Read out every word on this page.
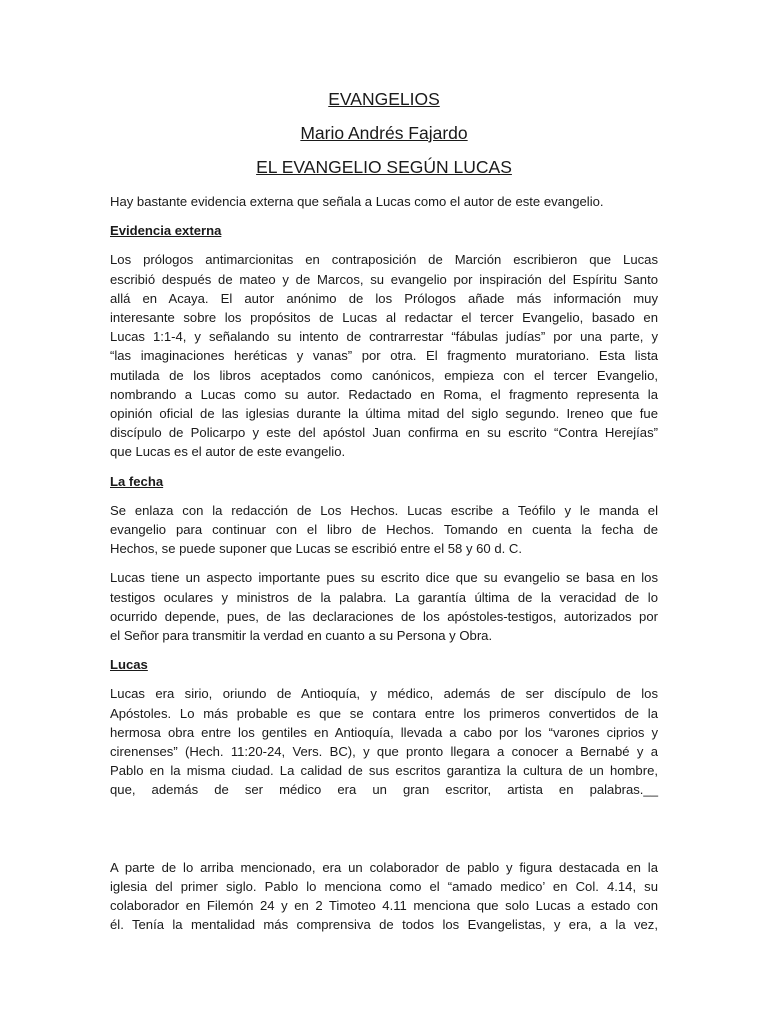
EVANGELIOS
Mario Andrés Fajardo
EL EVANGELIO SEGÚN LUCAS

Hay bastante evidencia externa que señala a Lucas como el autor de este evangelio.

Evidencia externa
Los prólogos antimarcionitas en contraposición de Marción escribieron que Lucas
escribió después de mateo y de Marcos, su evangelio por inspiración del Espíritu Santo
allá en Acaya. El autor anónimo de los Prólogos añade más información muy
interesante sobre los propósitos de Lucas al redactar el tercer Evangelio, basado en
Lucas 1:1-4, y señalando su intento de contrarrestar “fábulas judías” por una parte, y
“las imaginaciones heréticas y vanas” por otra. El fragmento muratoriano. Esta lista
mutilada de los libros aceptados como canónicos, empieza con el tercer Evangelio,
nombrando a Lucas como su autor. Redactado en Roma, el fragmento representa la
opinión oficial de las iglesias durante la última mitad del siglo segundo. Ireneo que fue
discípulo de Policarpo y este del apóstol Juan confirma en su escrito “Contra Herejías”
que Lucas es el autor de este evangelio.
La fecha
Se enlaza con la redacción de Los Hechos. Lucas escribe a Teófilo y le manda el
evangelio para continuar con el libro de Hechos. Tomando en cuenta la fecha de
Hechos, se puede suponer que Lucas se escribió entre el 58 y 60 d. C.
Lucas tiene un aspecto importante pues su escrito dice que su evangelio se basa en los
testigos oculares y ministros de la palabra. La garantía última de la veracidad de lo
ocurrido depende, pues, de las declaraciones de los apóstoles-testigos, autorizados por
el Señor para transmitir la verdad en cuanto a su Persona y Obra.
Lucas
Lucas era sirio, oriundo de Antioquía, y médico, además de ser discípulo de los
Apóstoles. Lo más probable es que se contara entre los primeros convertidos de la
hermosa obra entre los gentiles en Antioquía, llevada a cabo por los “varones ciprios y
cirenenses” (Hech. 11:20-24, Vers. BC), y que pronto llegara a conocer a Bernabé y a
Pablo en la misma ciudad. La calidad de sus escritos garantiza la cultura de un hombre,
que, además de ser médico era un gran escritor, artista en palabras.__
A parte de lo arriba mencionado, era un colaborador de pablo y figura destacada en la
iglesia del primer siglo. Pablo lo menciona como el “amado medico’ en Col. 4.14, su
colaborador en Filemón 24 y en 2 Timoteo 4.11 menciona que solo Lucas a estado con
él. Tenía la mentalidad más comprensiva de todos los Evangelistas, y era, a la vez,
